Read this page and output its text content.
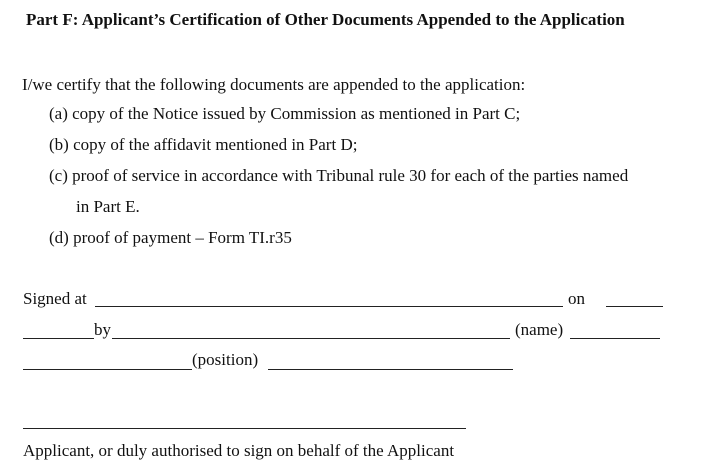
Part F: Applicant’s Certification of Other Documents Appended to the Application
I/we certify that the following documents are appended to the application:
(a) copy of the Notice issued by Commission as mentioned in Part C;
(b) copy of the affidavit mentioned in Part D;
(c) proof of service in accordance with Tribunal rule 30 for each of the parties named
in Part E.
(d) proof of payment – Form TI.r35
Signed at	on
by	(name)
(position)
Applicant, or duly authorised to sign on behalf of the Applicant
